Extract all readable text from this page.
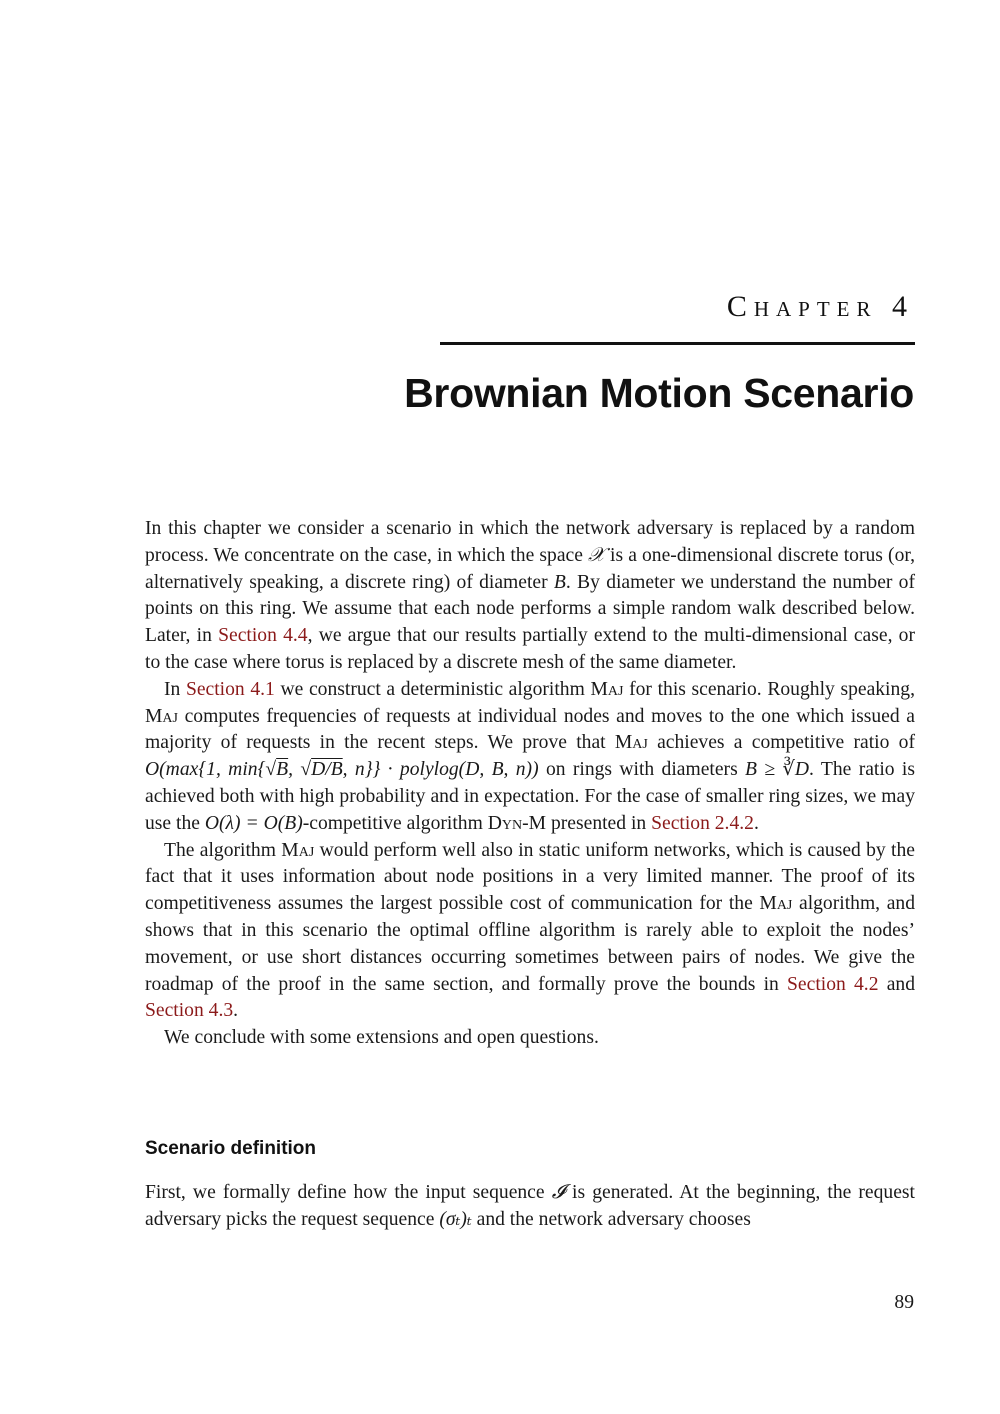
Chapter 4
Brownian Motion Scenario

In this chapter we consider a scenario in which the network adversary is replaced by a random process. We concentrate on the case, in which the space 𝒳 is a one-dimensional discrete torus (or, alternatively speaking, a discrete ring) of diameter B. By diameter we understand the number of points on this ring. We assume that each node performs a simple random walk described below. Later, in Section 4.4, we argue that our results partially extend to the multi-dimensional case, or to the case where torus is replaced by a discrete mesh of the same diameter.

In Section 4.1 we construct a deterministic algorithm Maj for this scenario. Roughly speaking, Maj computes frequencies of requests at individual nodes and moves to the one which issued a majority of requests in the recent steps. We prove that Maj achieves a competitive ratio of O(max{1, min{√B, √D/B, n}} · polylog(D, B, n)) on rings with diameters B ≥ ∛D. The ratio is achieved both with high probability and in expectation. For the case of smaller ring sizes, we may use the O(λ) = O(B)-competitive algorithm Dyn-M presented in Section 2.4.2.

The algorithm Maj would perform well also in static uniform networks, which is caused by the fact that it uses information about node positions in a very limited manner. The proof of its competitiveness assumes the largest possible cost of communication for the Maj algorithm, and shows that in this scenario the optimal offline algorithm is rarely able to exploit the nodes’ movement, or use short distances occurring sometimes between pairs of nodes. We give the roadmap of the proof in the same section, and formally prove the bounds in Section 4.2 and Section 4.3.

We conclude with some extensions and open questions.

Scenario definition

First, we formally define how the input sequence 𝓘 is generated. At the beginning, the request adversary picks the request sequence (σₜ)ₜ and the network adversary chooses

89
